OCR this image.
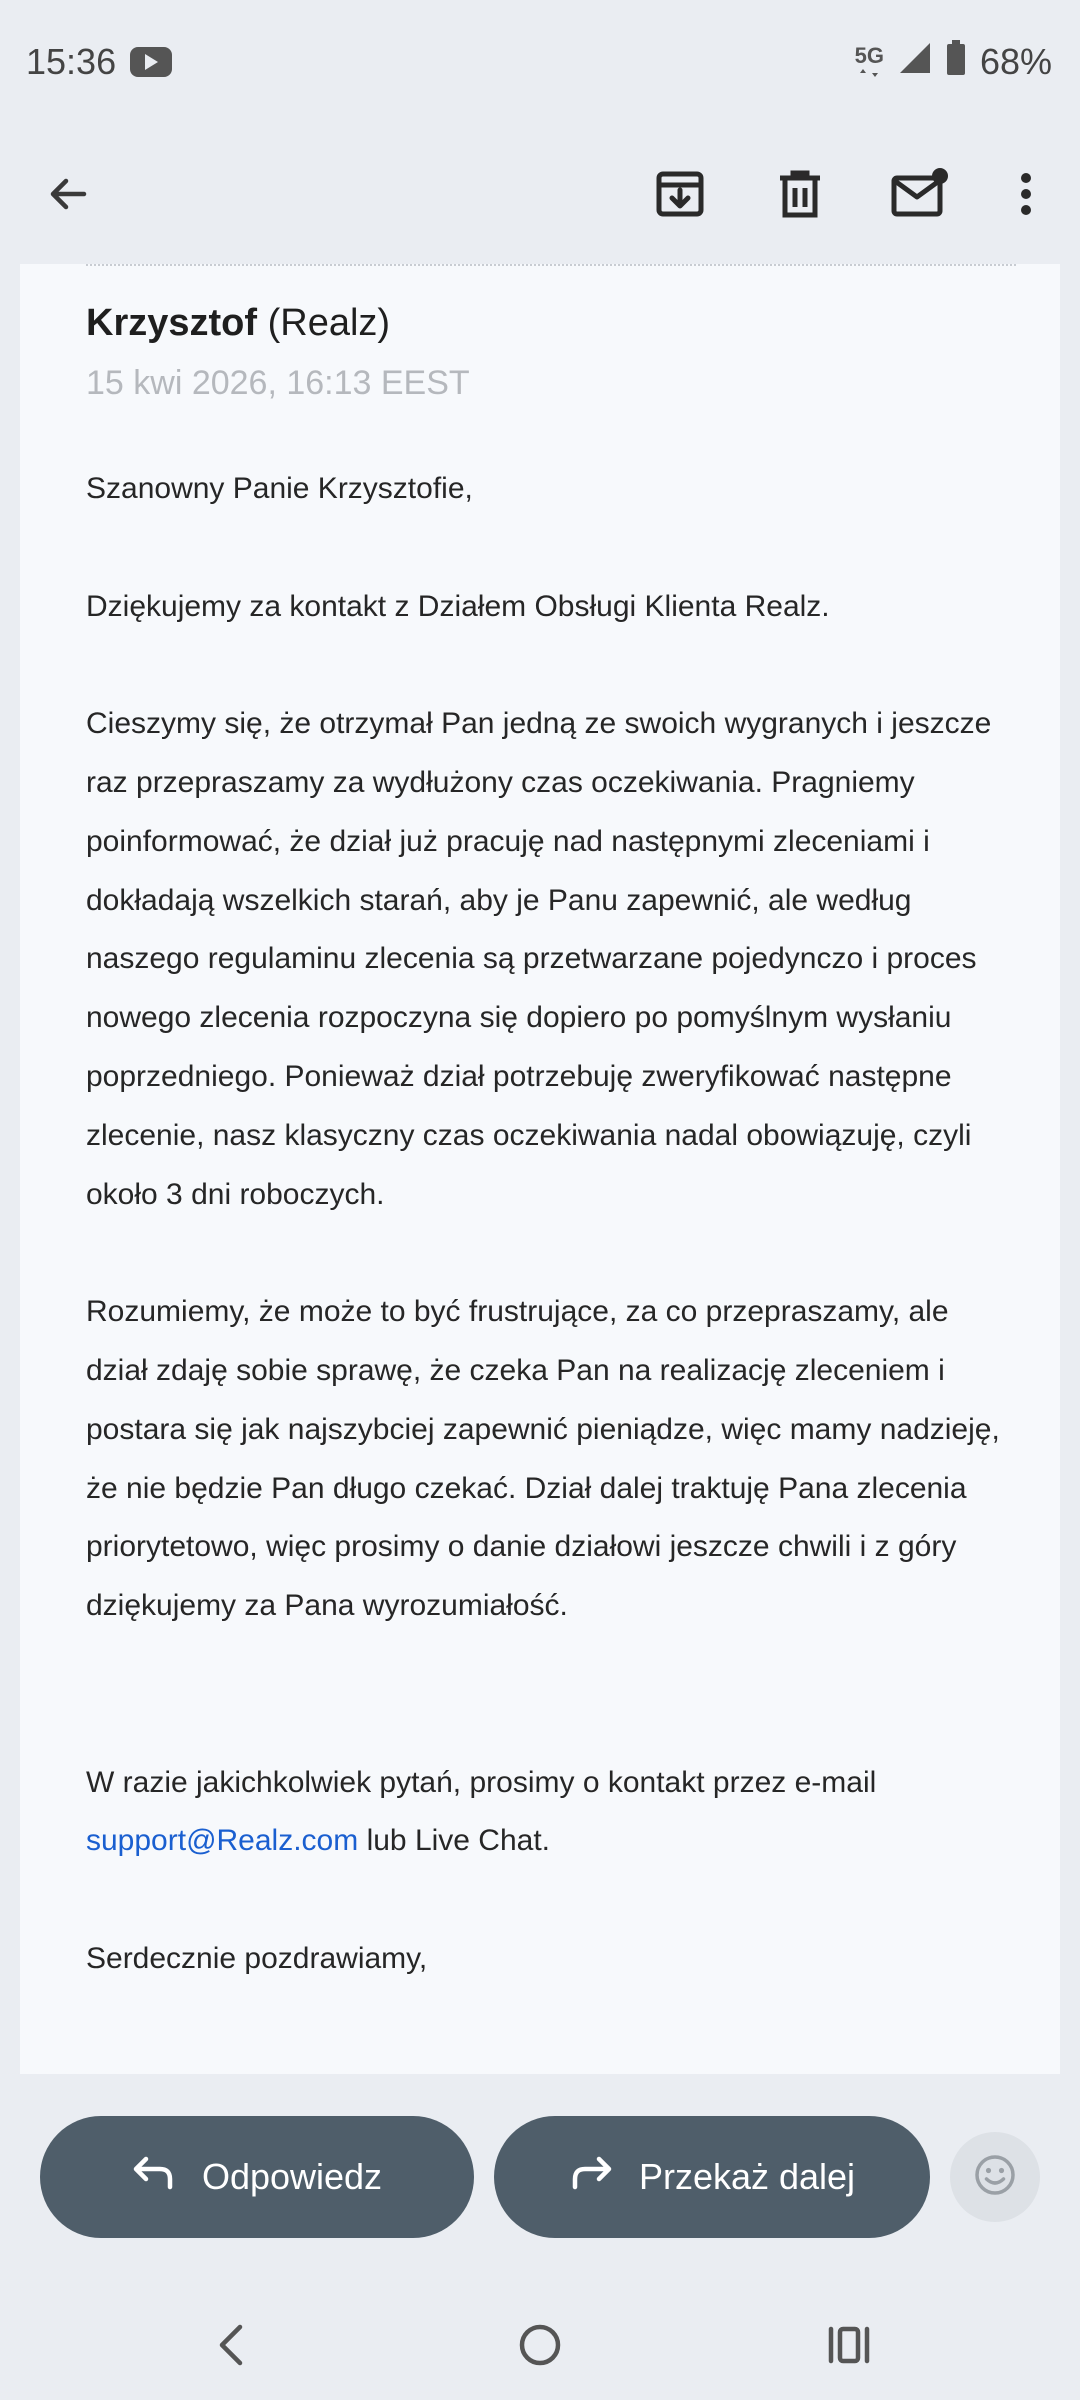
15:36	5G	68%
Krzysztof (Realz)
15 kwi 2026, 16:13 EEST

Szanowny Panie Krzysztofie,

Dziękujemy za kontakt z Działem Obsługi Klienta Realz.

Cieszymy się, że otrzymał Pan jedną ze swoich wygranych i jeszcze raz przepraszamy za wydłużony czas oczekiwania. Pragniemy poinformować, że dział już pracuję nad następnymi zleceniami i dokładają wszelkich starań, aby je Panu zapewnić, ale według naszego regulaminu zlecenia są przetwarzane pojedynczo i proces nowego zlecenia rozpoczyna się dopiero po pomyślnym wysłaniu poprzedniego. Ponieważ dział potrzebuję zweryfikować następne zlecenie, nasz klasyczny czas oczekiwania nadal obowiązuję, czyli około 3 dni roboczych.

Rozumiemy, że może to być frustrujące, za co przepraszamy, ale dział zdaję sobie sprawę, że czeka Pan na realizację zleceniem i postara się jak najszybciej zapewnić pieniądze, więc mamy nadzieję, że nie będzie Pan długo czekać. Dział dalej traktuję Pana zlecenia priorytetowo, więc prosimy o danie działowi jeszcze chwili i z góry dziękujemy za Pana wyrozumiałość.

W razie jakichkolwiek pytań, prosimy o kontakt przez e-mail
support@Realz.com lub Live Chat.

Serdecznie pozdrawiamy,

Odpowiedz	Przekaż dalej
